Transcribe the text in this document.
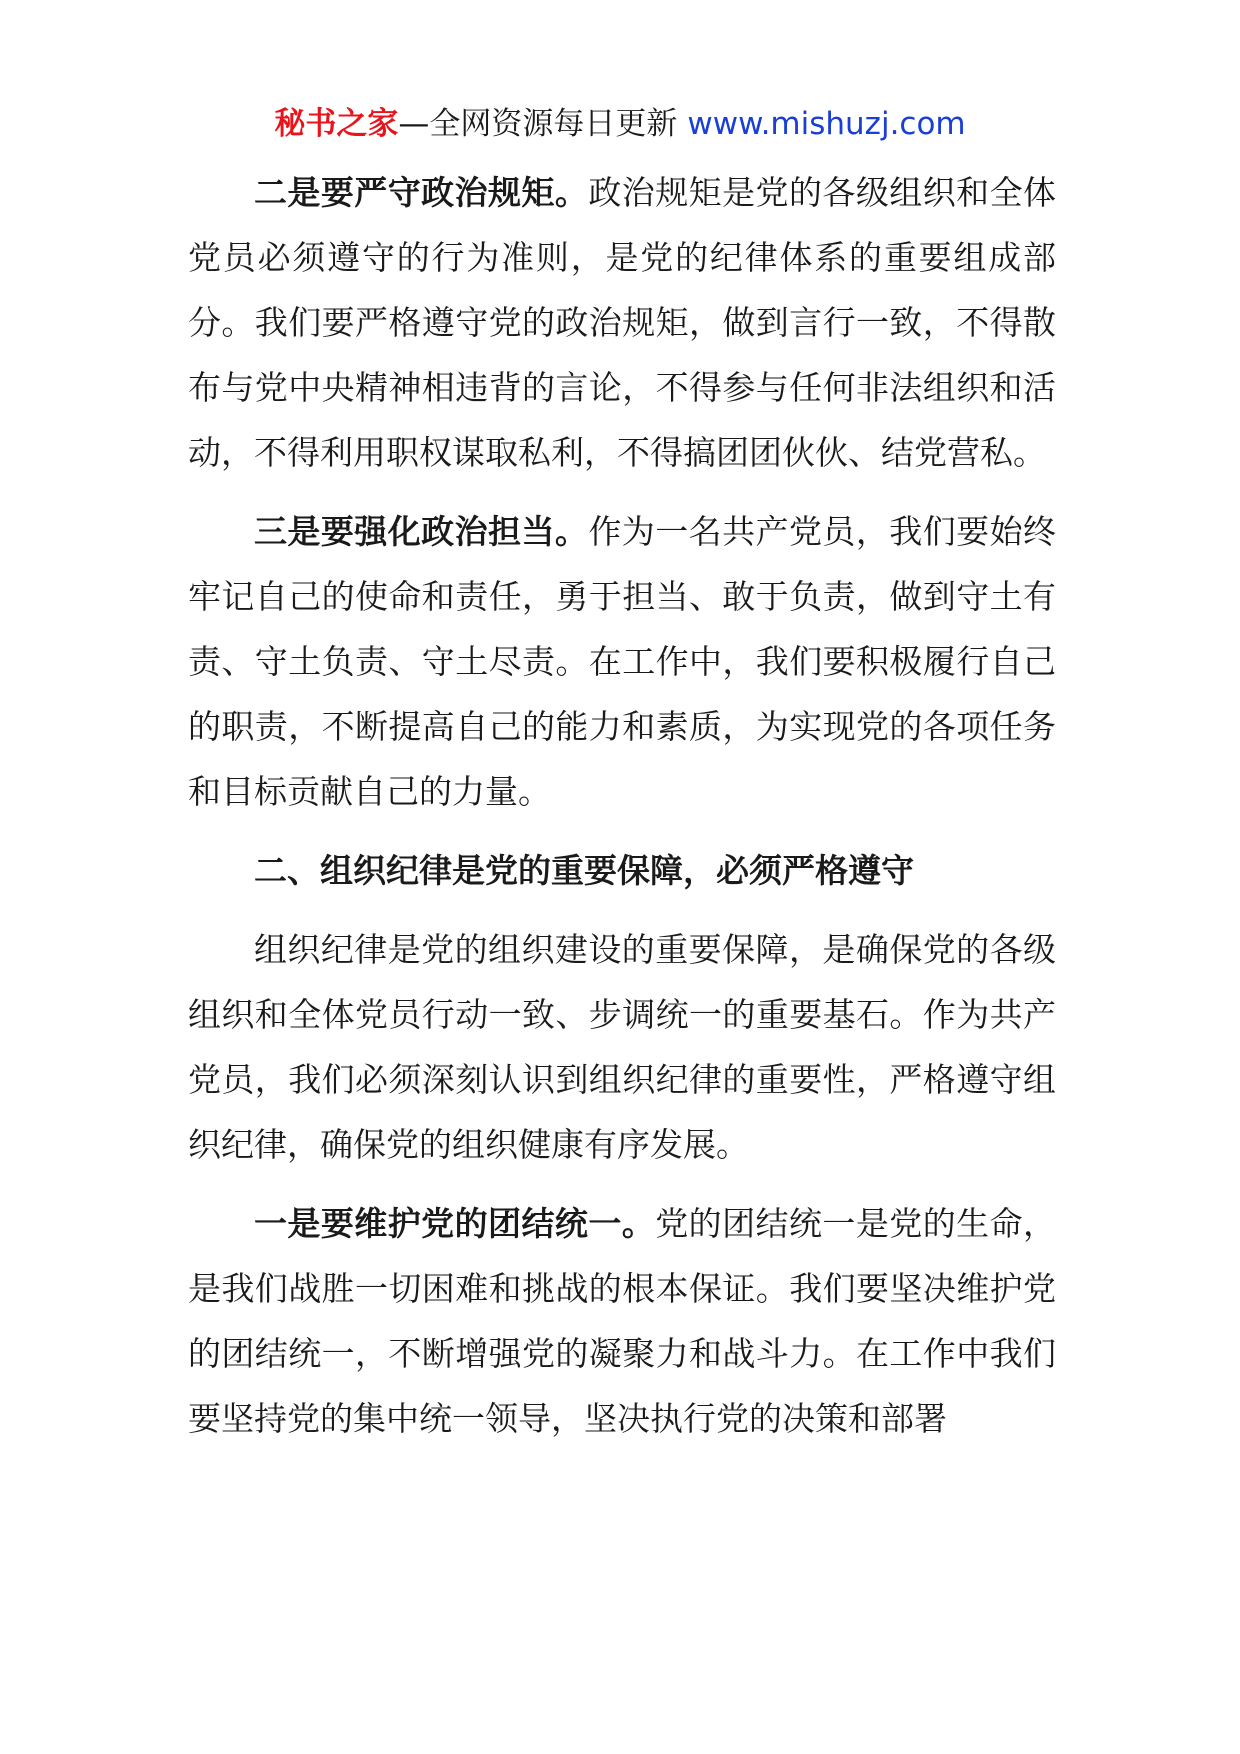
秘书之家—全网资源每日更新 www.mishuzj.com

二是要严守政治规矩。政治规矩是党的各级组织和全体党员必须遵守的行为准则，是党的纪律体系的重要组成部分。我们要严格遵守党的政治规矩，做到言行一致，不得散布与党中央精神相违背的言论，不得参与任何非法组织和活动，不得利用职权谋取私利，不得搞团团伙伙、结党营私。

三是要强化政治担当。作为一名共产党员，我们要始终牢记自己的使命和责任，勇于担当、敢于负责，做到守土有责、守土负责、守土尽责。在工作中，我们要积极履行自己的职责，不断提高自己的能力和素质，为实现党的各项任务和目标贡献自己的力量。

二、组织纪律是党的重要保障，必须严格遵守

组织纪律是党的组织建设的重要保障，是确保党的各级组织和全体党员行动一致、步调统一的重要基石。作为共产党员，我们必须深刻认识到组织纪律的重要性，严格遵守组织纪律，确保党的组织健康有序发展。

一是要维护党的团结统一。党的团结统一是党的生命，是我们战胜一切困难和挑战的根本保证。我们要坚决维护党的团结统一，不断增强党的凝聚力和战斗力。在工作中我们要坚持党的集中统一领导，坚决执行党的决策和部署
